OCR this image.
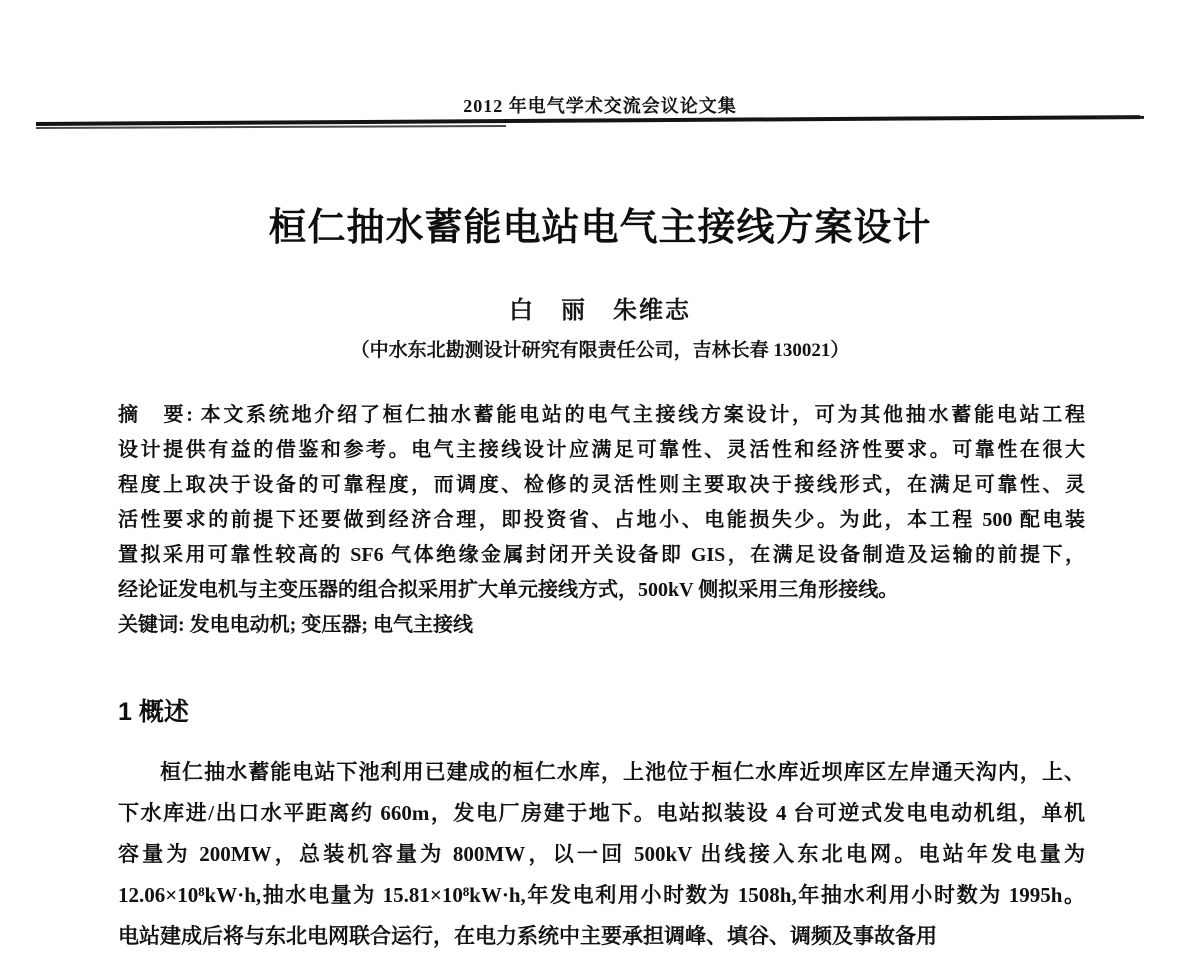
2012 年电气学术交流会议论文集
桓仁抽水蓄能电站电气主接线方案设计
白　丽　朱维志
（中水东北勘测设计研究有限责任公司，吉林长春 130021）
摘　要: 本文系统地介绍了桓仁抽水蓄能电站的电气主接线方案设计，可为其他抽水蓄能电站工程
设计提供有益的借鉴和参考。电气主接线设计应满足可靠性、灵活性和经济性要求。可靠性在很大
程度上取决于设备的可靠程度，而调度、检修的灵活性则主要取决于接线形式，在满足可靠性、灵
活性要求的前提下还要做到经济合理，即投资省、占地小、电能损失少。为此，本工程 500 配电装
置拟采用可靠性较高的 SF6 气体绝缘金属封闭开关设备即 GIS，在满足设备制造及运输的前提下，
经论证发电机与主变压器的组合拟采用扩大单元接线方式，500kV 侧拟采用三角形接线。
关键词: 发电电动机; 变压器; 电气主接线
1 概述
桓仁抽水蓄能电站下池利用已建成的桓仁水库，上池位于桓仁水库近坝库区左岸通天沟内，上、
下水库进/出口水平距离约 660m，发电厂房建于地下。电站拟装设 4 台可逆式发电电动机组，单机
容量为 200MW，总装机容量为 800MW，以一回 500kV 出线接入东北电网。电站年发电量为
12.06×10⁸kW·h,抽水电量为 15.81×10⁸kW·h,年发电利用小时数为 1508h,年抽水利用小时数为 1995h。
电站建成后将与东北电网联合运行，在电力系统中主要承担调峰、填谷、调频及事故备用
